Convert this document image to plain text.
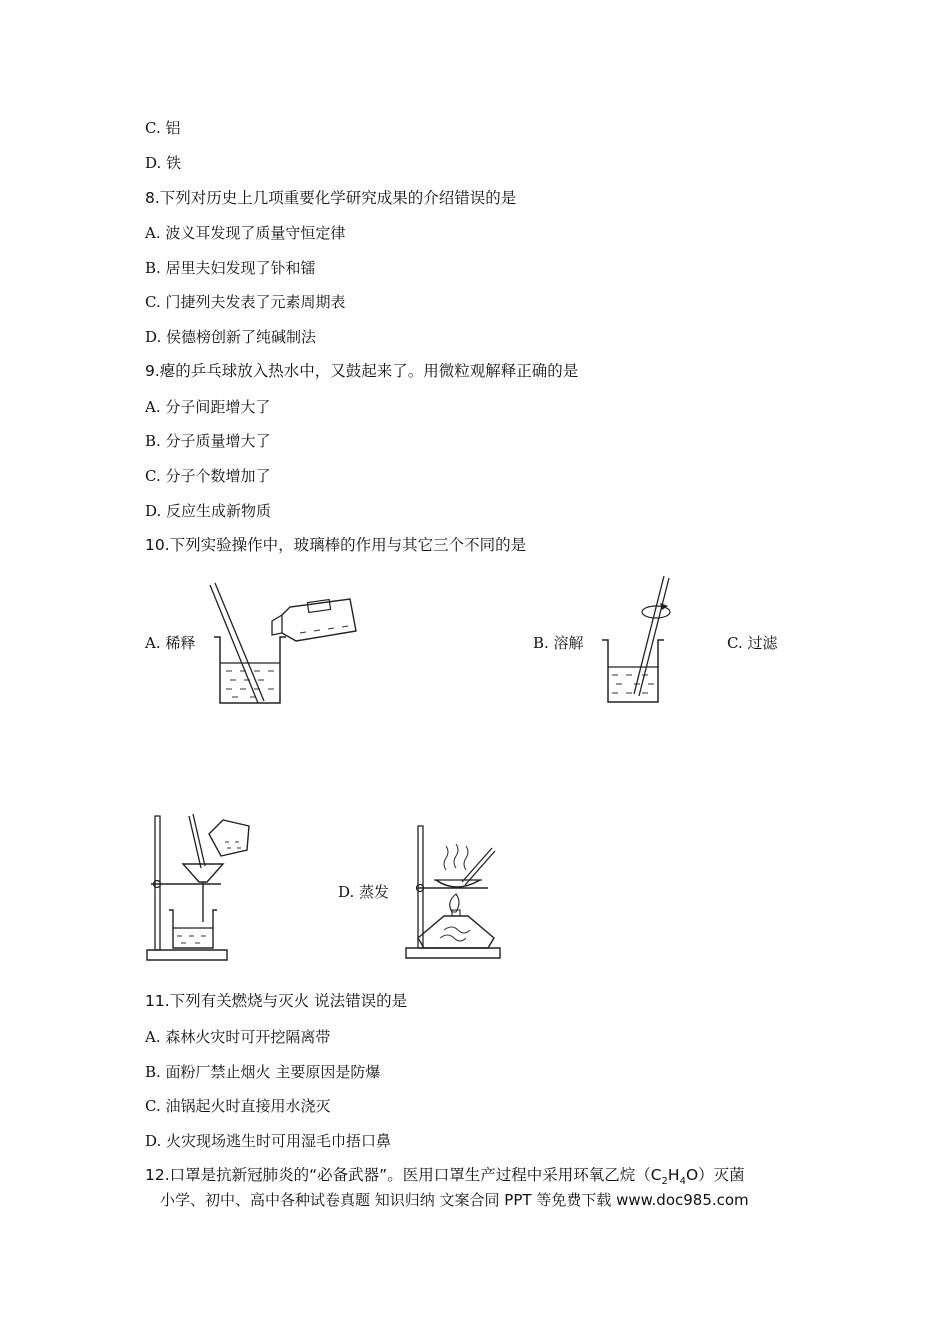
C. 铝
D. 铁
8.下列对历史上几项重要化学研究成果的介绍错误的是
A. 波义耳发现了质量守恒定律
B. 居里夫妇发现了钋和镭
C. 门捷列夫发表了元素周期表
D. 侯德榜创新了纯碱制法
9.瘪的乒乓球放入热水中，又鼓起来了。用微粒观解释正确的是
A. 分子间距增大了
B. 分子质量增大了
C. 分子个数增加了
D. 反应生成新物质
10.下列实验操作中，玻璃棒的作用与其它三个不同的是
A. 稀释	B. 溶解	C. 过滤
D. 蒸发
11.下列有关燃烧与灭火 说法错误的是
A. 森林火灾时可开挖隔离带
B. 面粉厂禁止烟火 主要原因是防爆
C. 油锅起火时直接用水浇灭
D. 火灾现场逃生时可用湿毛巾捂口鼻
12.口罩是抗新冠肺炎的“必备武器”。医用口罩生产过程中采用环氧乙烷$(C_2H_4O)$灭菌
小学、初中、高中各种试卷真题 知识归纳 文案合同 PPT 等免费下载 www.doc985.com
